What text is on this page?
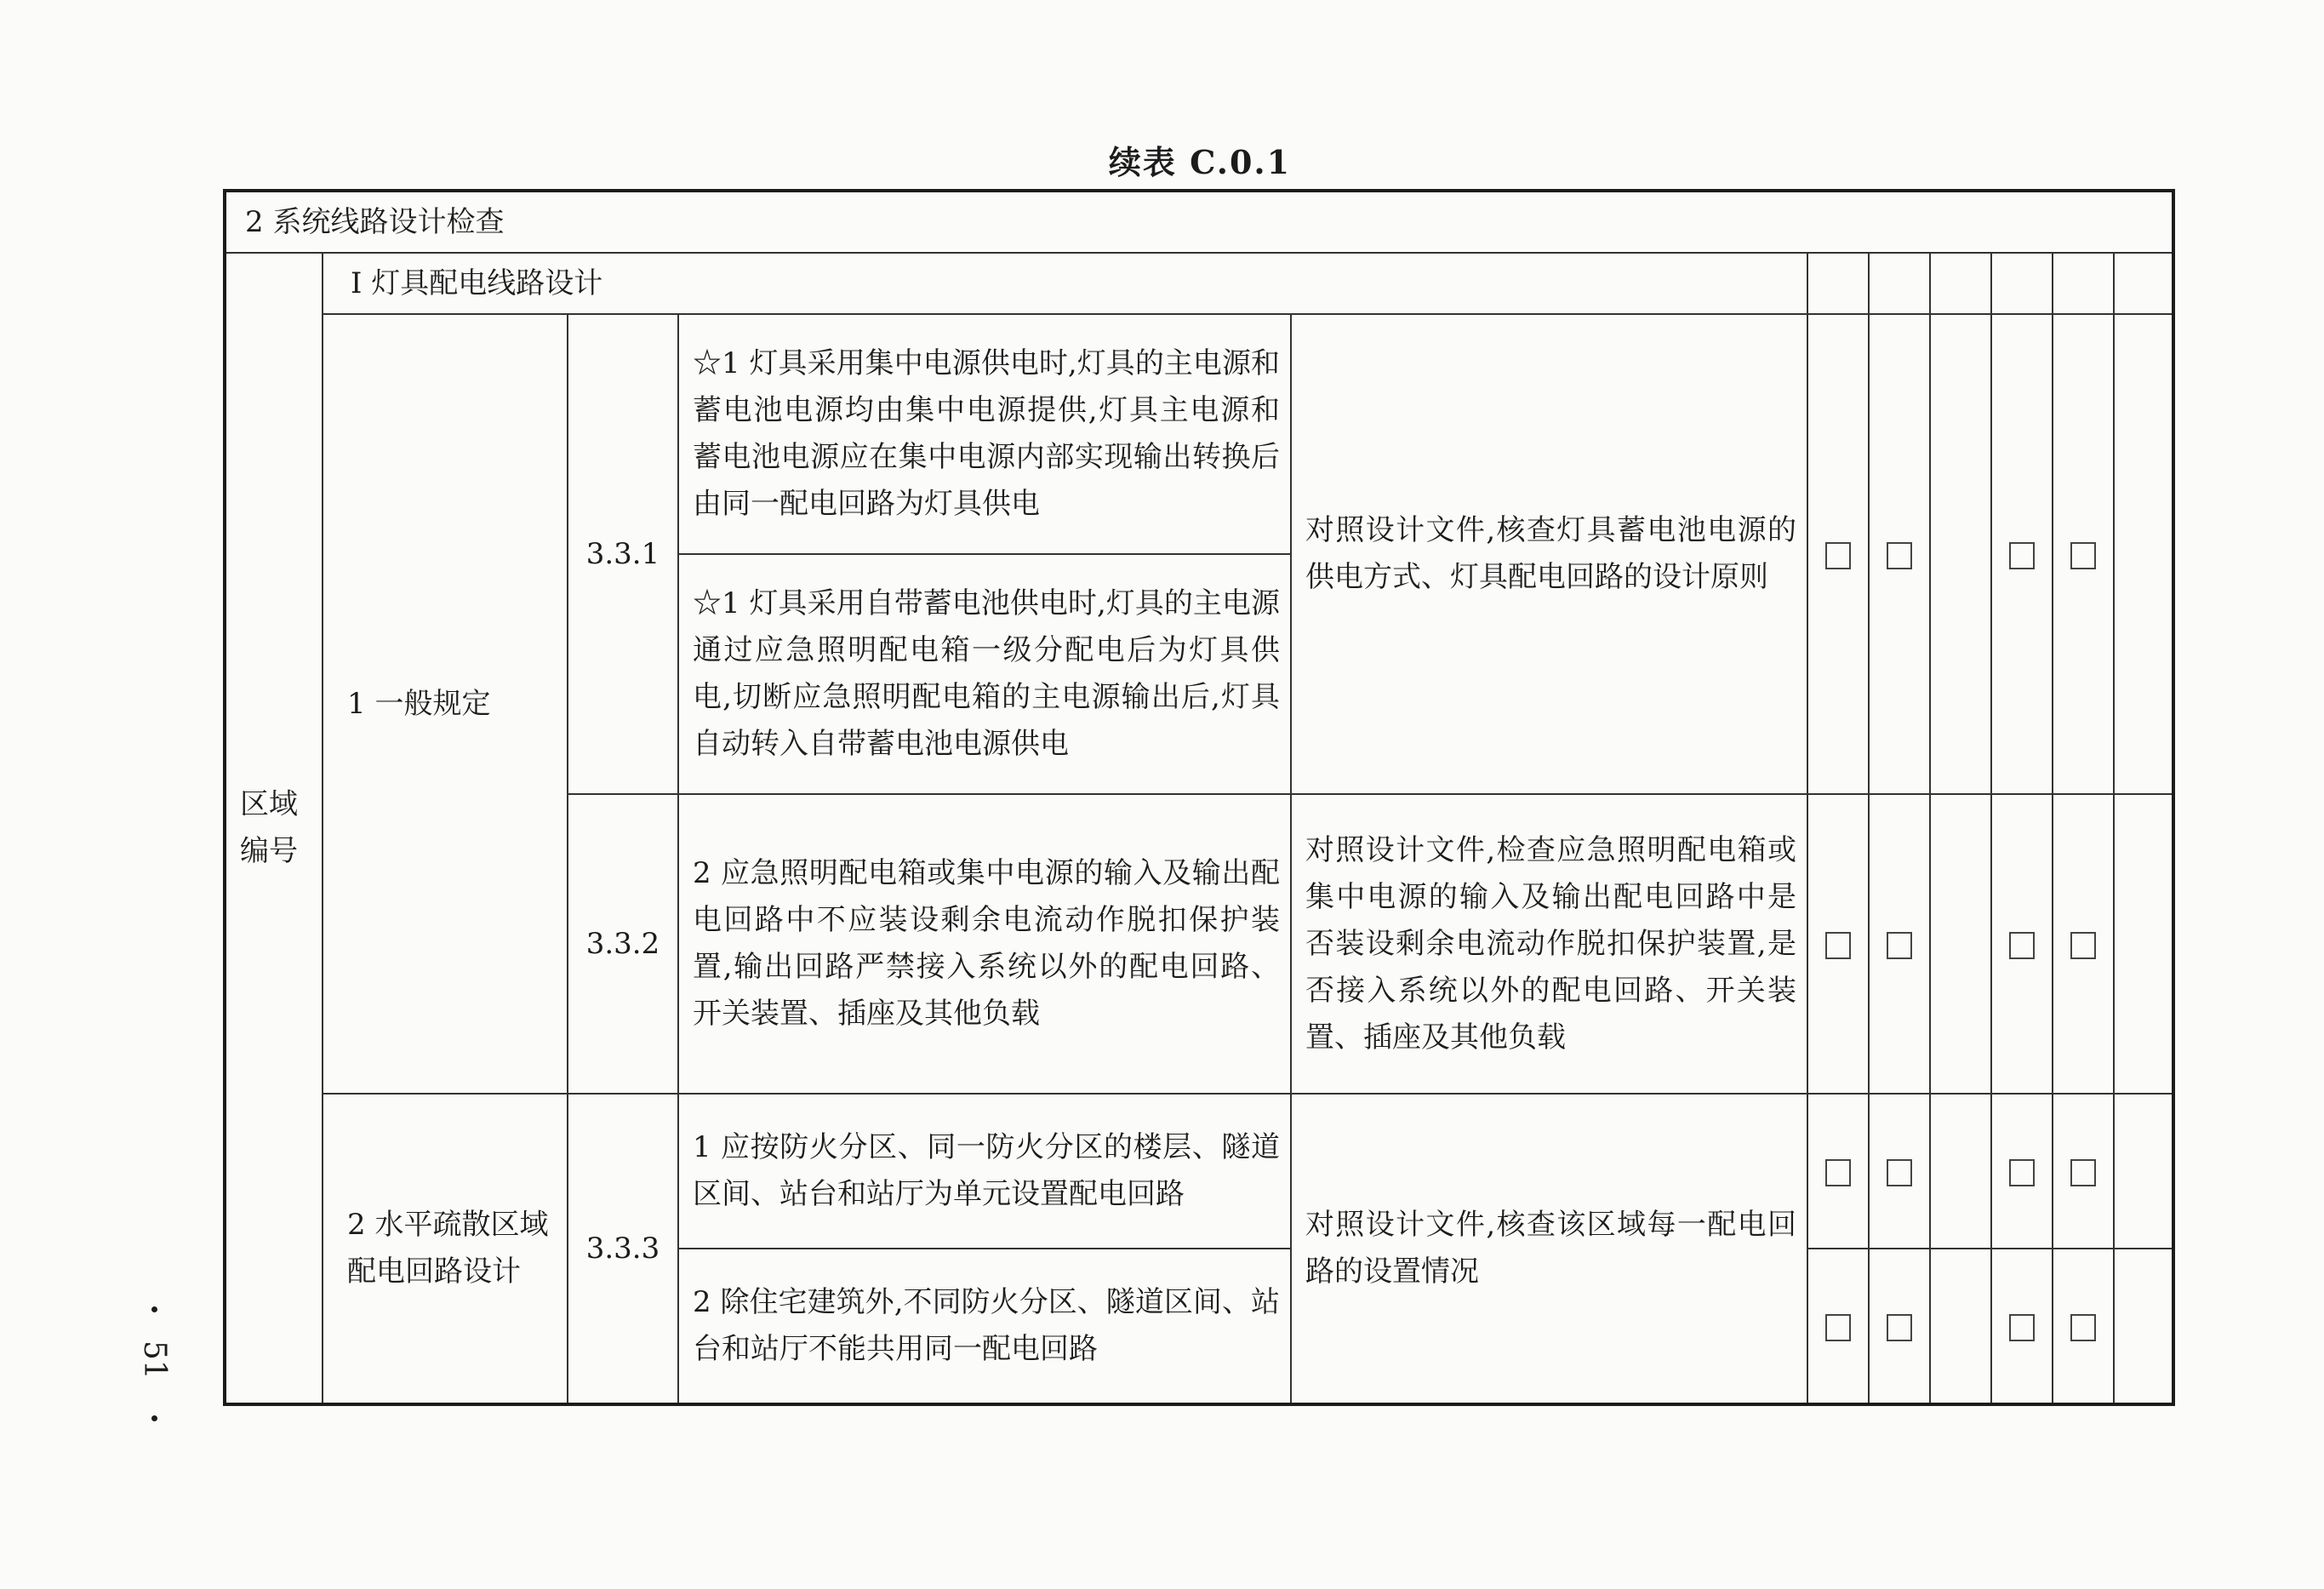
续表 C.0.1
51
2 系统线路设计检查										
区域编号	Ⅰ 灯具配电线路设计									
	1 一般规定	3.3.1	☆1 灯具采用集中电源供电时,灯具的主电源和蓄电池电源均由集中电源提供,灯具主电源和蓄电池电源应在集中电源内部实现输出转换后由同一配电回路为灯具供电	对照设计文件,核查灯具蓄电池电源的供电方式、灯具配电回路的设计原则						
			☆1 灯具采用自带蓄电池供电时,灯具的主电源通过应急照明配电箱一级分配电后为灯具供电,切断应急照明配电箱的主电源输出后,灯具自动转入自带蓄电池电源供电							
		3.3.2	2 应急照明配电箱或集中电源的输入及输出配电回路中不应装设剩余电流动作脱扣保护装置,输出回路严禁接入系统以外的配电回路、开关装置、插座及其他负载	对照设计文件,检查应急照明配电箱或集中电源的输入及输出配电回路中是否装设剩余电流动作脱扣保护装置,是否接入系统以外的配电回路、开关装置、插座及其他负载						
	2 水平疏散区域配电回路设计	3.3.3	1 应按防火分区、同一防火分区的楼层、隧道区间、站台和站厅为单元设置配电回路	对照设计文件,核查该区域每一配电回路的设置情况						
			2 除住宅建筑外,不同防火分区、隧道区间、站台和站厅不能共用同一配电回路							
